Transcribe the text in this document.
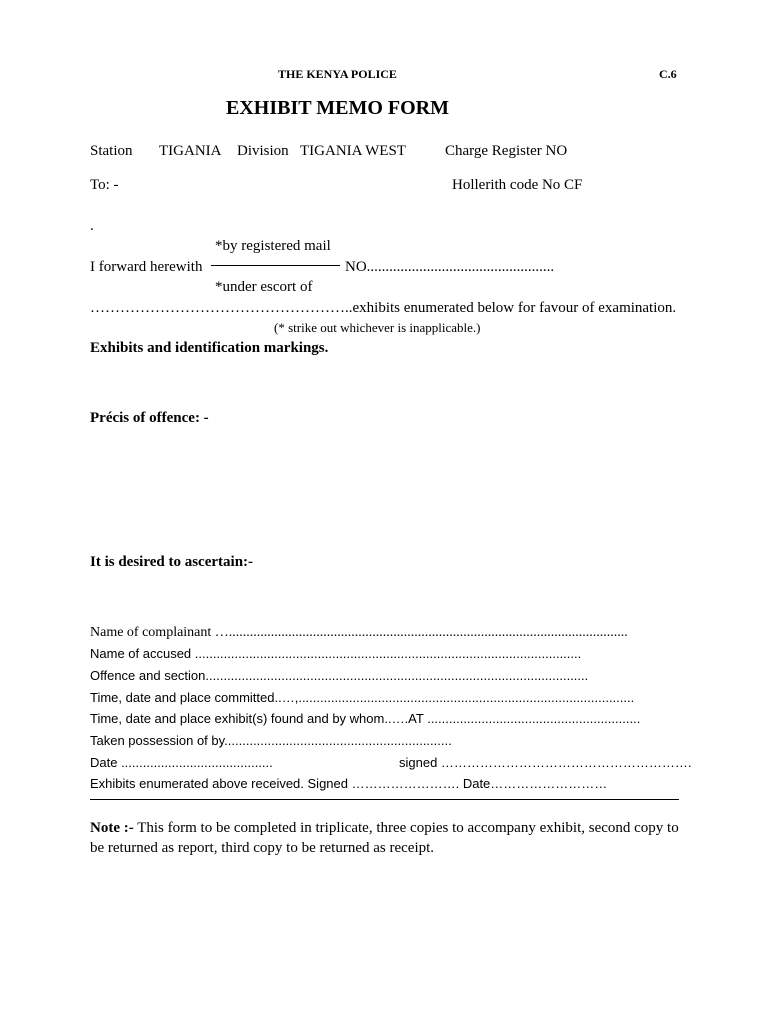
THE KENYA POLICE	C.6
EXHIBIT MEMO FORM
Station TIGANIA Division TIGANIA WEST	Charge Register NO
To: -	Hollerith code No CF
.
*by registered mail
I forward herewith	NO..................................................
*under escort of
……………………………………………..exhibits enumerated below for favour of examination.
(* strike out whichever is inapplicable.)
Exhibits and identification markings.
Précis of offence: -
It is desired to ascertain:-
Name of complainant …..................................................................................................................
Name of accused ...........................................................................................................
Offence and section..........................................................................................................
Time, date and place committed..…,.............................................................................................
Time, date and place exhibit(s) found and by whom..….AT ...........................................................
Taken possession of by...............................................................
Date ..........................................	signed ………………………………………………….
Exhibits enumerated above received. Signed ……………………. Date………………………
Note :- This form to be completed in triplicate, three copies to accompany exhibit, second copy to be returned as report, third copy to be returned as receipt.
